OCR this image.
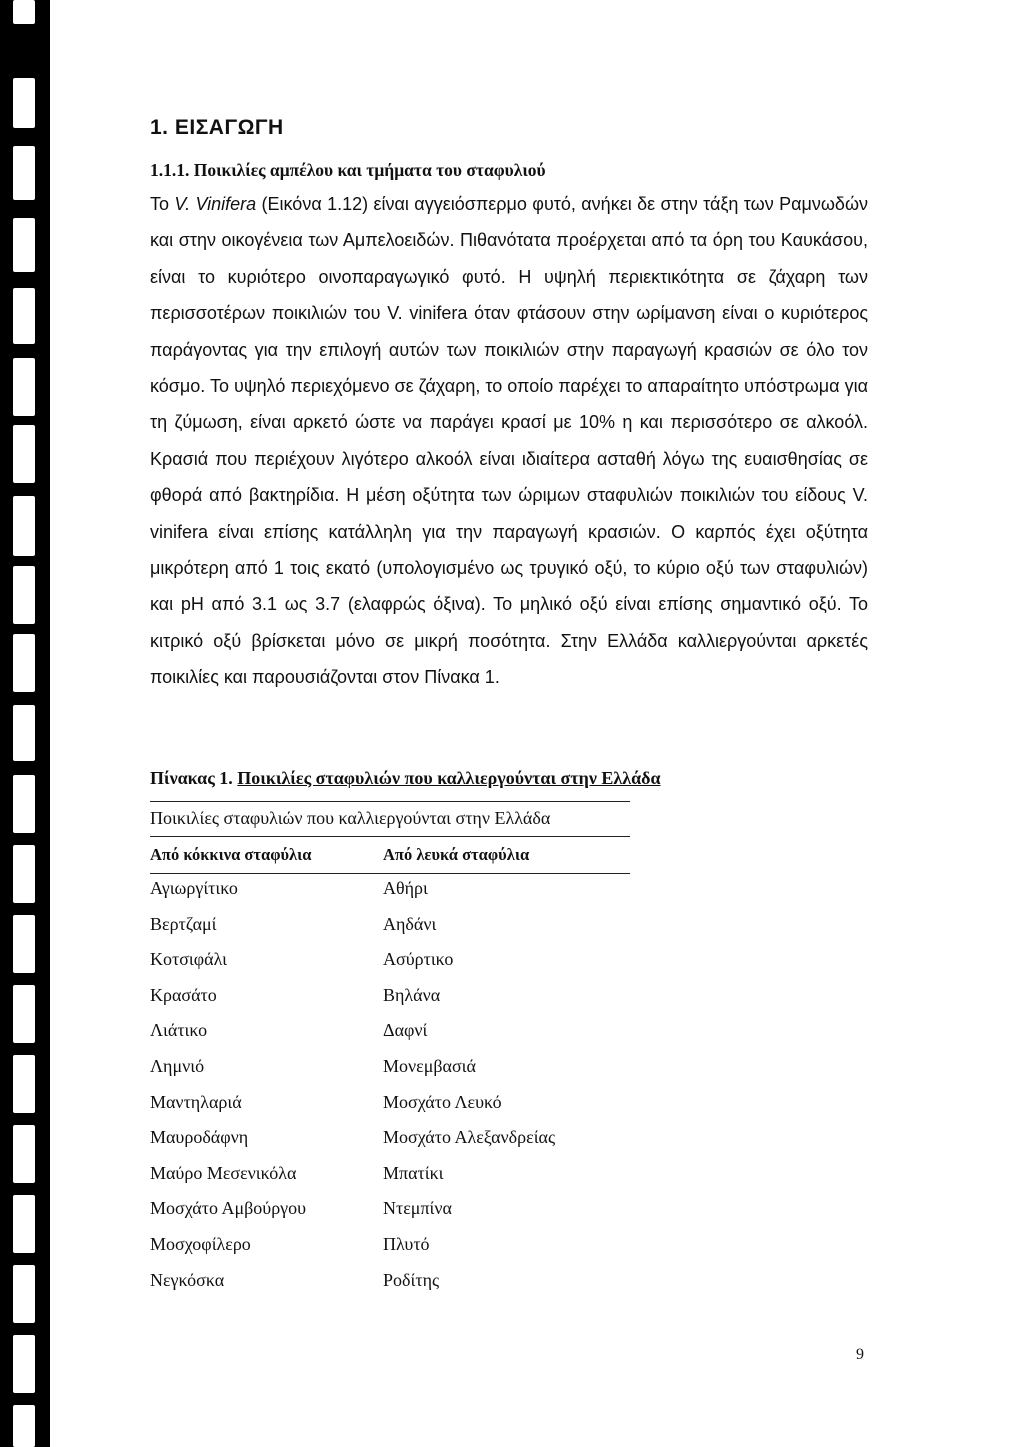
1. ΕΙΣΑΓΩΓΗ
1.1.1. Ποικιλίες αμπέλου και τμήματα του σταφυλιού

Το V. Vinifera (Εικόνα 1.12) είναι αγγειόσπερμο φυτό, ανήκει δε στην τάξη των Ραμνωδών και στην οικογένεια των Αμπελοειδών. Πιθανότατα προέρχεται από τα όρη του Καυκάσου, είναι το κυριότερο οινοπαραγωγικό φυτό. Η υψηλή περιεκτικότητα σε ζάχαρη των περισσοτέρων ποικιλιών του V. vinifera όταν φτάσουν στην ωρίμανση είναι ο κυριότερος παράγοντας για την επιλογή αυτών των ποικιλιών στην παραγωγή κρασιών σε όλο τον κόσμο. Το υψηλό περιεχόμενο σε ζάχαρη, το οποίο παρέχει το απαραίτητο υπόστρωμα για τη ζύμωση, είναι αρκετό ώστε να παράγει κρασί με 10% η και περισσότερο σε αλκοόλ. Κρασιά που περιέχουν λιγότερο αλκοόλ είναι ιδιαίτερα ασταθή λόγω της ευαισθησίας σε φθορά από βακτηρίδια. Η μέση οξύτητα των ώριμων σταφυλιών ποικιλιών του είδους V. vinifera είναι επίσης κατάλληλη για την παραγωγή κρασιών. Ο καρπός έχει οξύτητα μικρότερη από 1 τοις εκατό (υπολογισμένο ως τρυγικό οξύ, το κύριο οξύ των σταφυλιών) και pH από 3.1 ως 3.7 (ελαφρώς όξινα). Το μηλικό οξύ είναι επίσης σημαντικό οξύ. Το κιτρικό οξύ βρίσκεται μόνο σε μικρή ποσότητα. Στην Ελλάδα καλλιεργούνται αρκετές ποικιλίες και παρουσιάζονται στον Πίνακα 1.

Πίνακας 1. Ποικιλίες σταφυλιών που καλλιεργούνται στην Ελλάδα

Ποικιλίες σταφυλιών που καλλιεργούνται στην Ελλάδα
Από κόκκινα σταφύλια	Από λευκά σταφύλια
Αγιωργίτικο	Αθήρι
Βερτζαμί	Αηδάνι
Κοτσιφάλι	Ασύρτικο
Κρασάτο	Βηλάνα
Λιάτικο	Δαφνί
Λημνιό	Μονεμβασιά
Μαντηλαριά	Μοσχάτο Λευκό
Μαυροδάφνη	Μοσχάτο Αλεξανδρείας
Μαύρο Μεσενικόλα	Μπατίκι
Μοσχάτο Αμβούργου	Ντεμπίνα
Μοσχοφίλερο	Πλυτό
Νεγκόσκα	Ροδίτης
9
